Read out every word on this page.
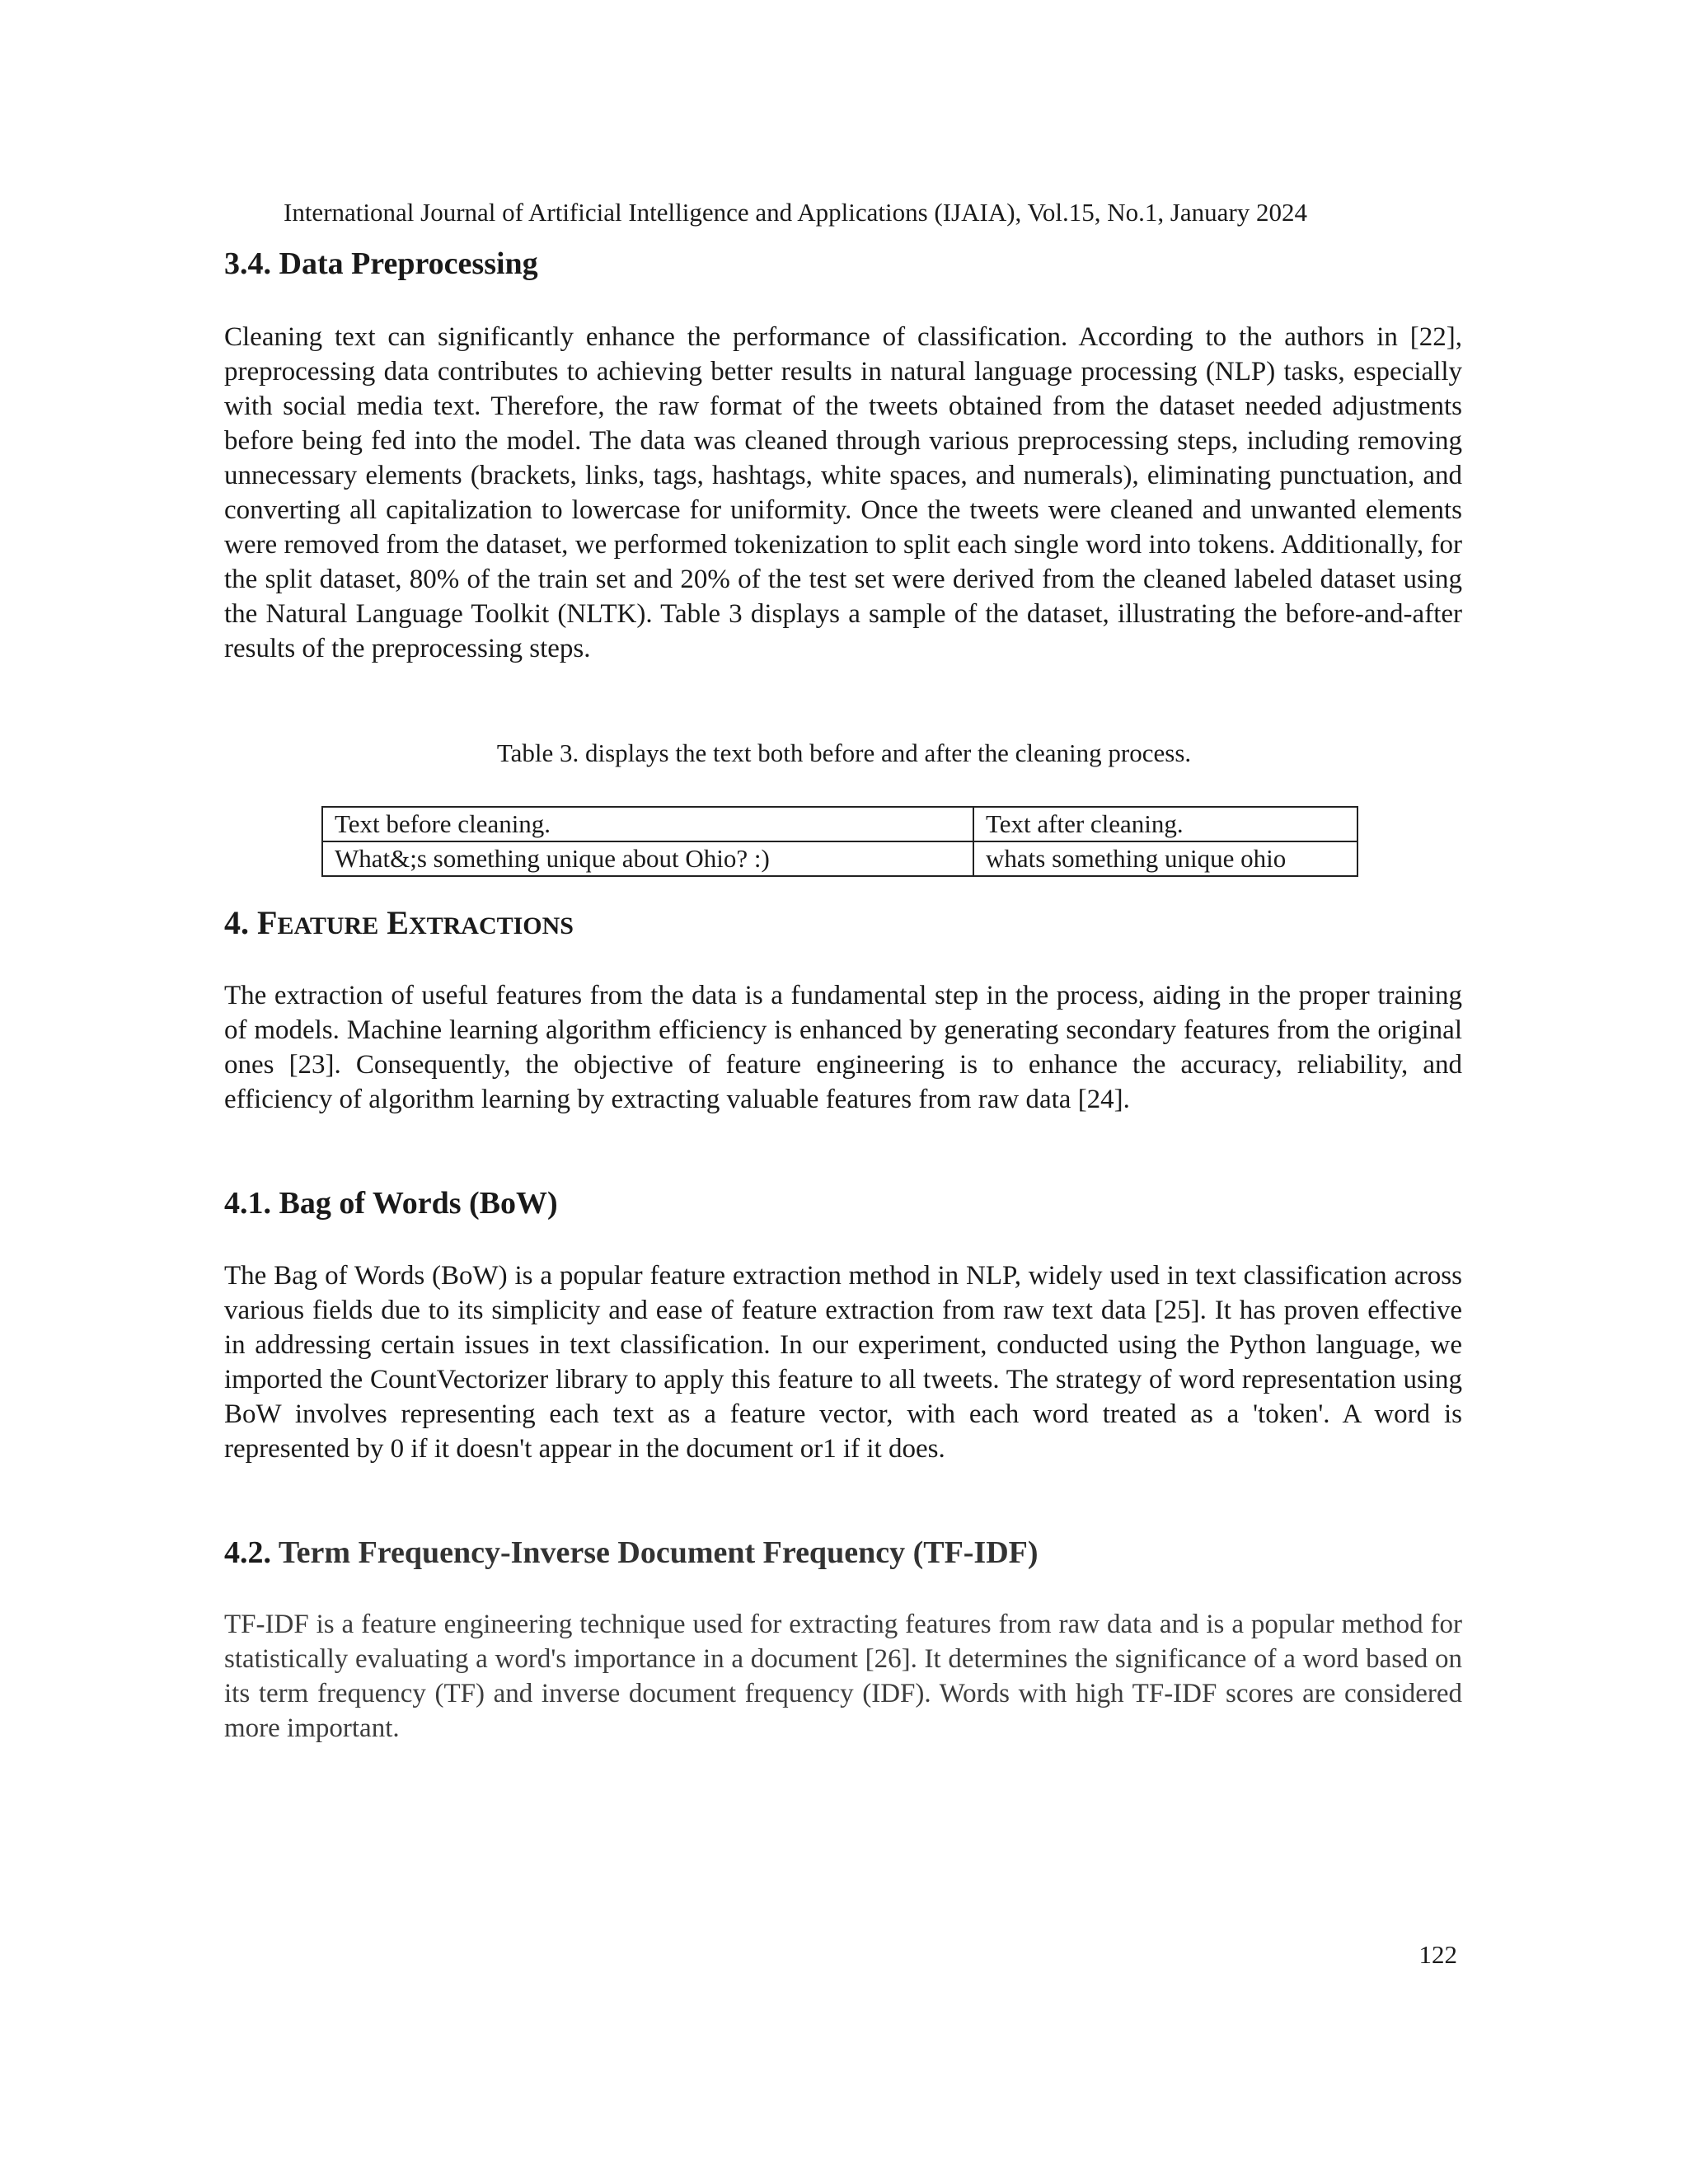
International Journal of Artificial Intelligence and Applications (IJAIA), Vol.15, No.1, January 2024
3.4. Data Preprocessing

Cleaning text can significantly enhance the performance of classification. According to the authors in [22], preprocessing data contributes to achieving better results in natural language processing (NLP) tasks, especially with social media text. Therefore, the raw format of the tweets obtained from the dataset needed adjustments before being fed into the model. The data was cleaned through various preprocessing steps, including removing unnecessary elements (brackets, links, tags, hashtags, white spaces, and numerals), eliminating punctuation, and converting all capitalization to lowercase for uniformity. Once the tweets were cleaned and unwanted elements were removed from the dataset, we performed tokenization to split each single word into tokens. Additionally, for the split dataset, 80% of the train set and 20% of the test set were derived from the cleaned labeled dataset using the Natural Language Toolkit (NLTK). Table 3 displays a sample of the dataset, illustrating the before-and-after results of the preprocessing steps.

Table 3. displays the text both before and after the cleaning process.
Text before cleaning.	Text after cleaning.
What&;s something unique about Ohio? :)	whats something unique ohio
4. FEATURE EXTRACTIONS

The extraction of useful features from the data is a fundamental step in the process, aiding in the proper training of models. Machine learning algorithm efficiency is enhanced by generating secondary features from the original ones [23]. Consequently, the objective of feature engineering is to enhance the accuracy, reliability, and efficiency of algorithm learning by extracting valuable features from raw data [24].

4.1. Bag of Words (BoW)

The Bag of Words (BoW) is a popular feature extraction method in NLP, widely used in text classification across various fields due to its simplicity and ease of feature extraction from raw text data [25]. It has proven effective in addressing certain issues in text classification. In our experiment, conducted using the Python language, we imported the CountVectorizer library to apply this feature to all tweets. The strategy of word representation using BoW involves representing each text as a feature vector, with each word treated as a 'token'. A word is represented by 0 if it doesn't appear in the document or1 if it does.

4.2. Term Frequency-Inverse Document Frequency (TF-IDF)

TF-IDF is a feature engineering technique used for extracting features from raw data and is a popular method for statistically evaluating a word's importance in a document [26]. It determines the significance of a word based on its term frequency (TF) and inverse document frequency (IDF). Words with high TF-IDF scores are considered more important.

122
